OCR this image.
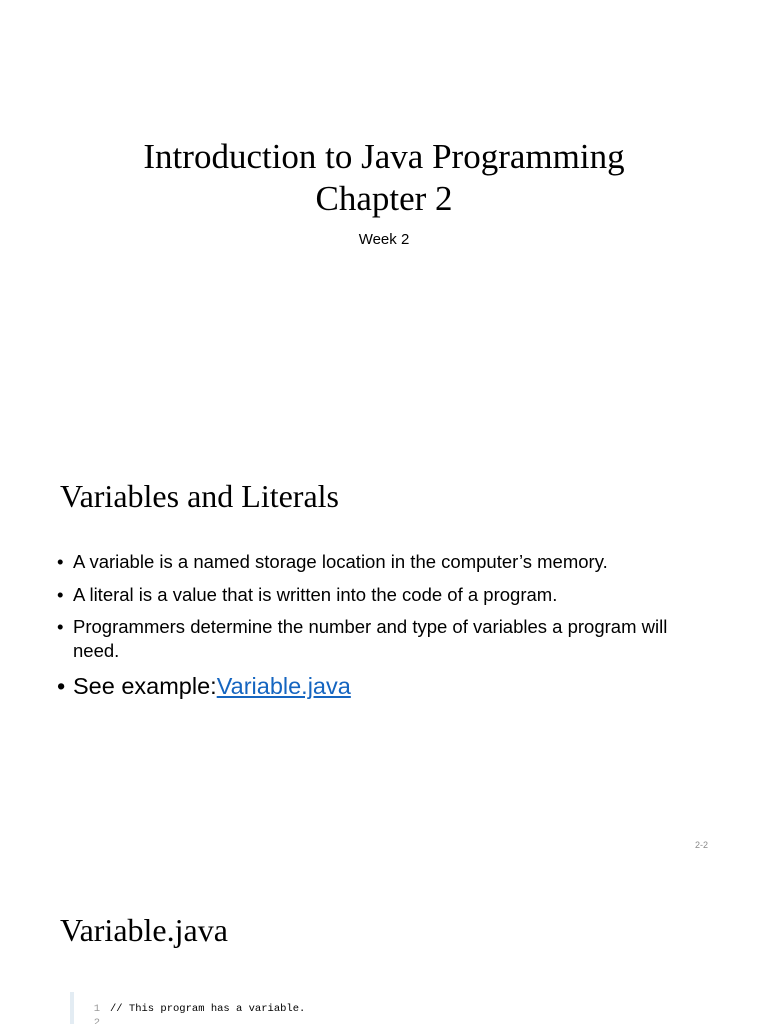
Introduction to Java Programming
Chapter 2
Week 2
Variables and Literals
• A variable is a named storage location in the computer’s memory.
• A literal is a value that is written into the code of a program.
• Programmers determine the number and type of variables a program will need.
• See example:Variable.java
2-2
Variable.java
1 // This program has a variable.
2
